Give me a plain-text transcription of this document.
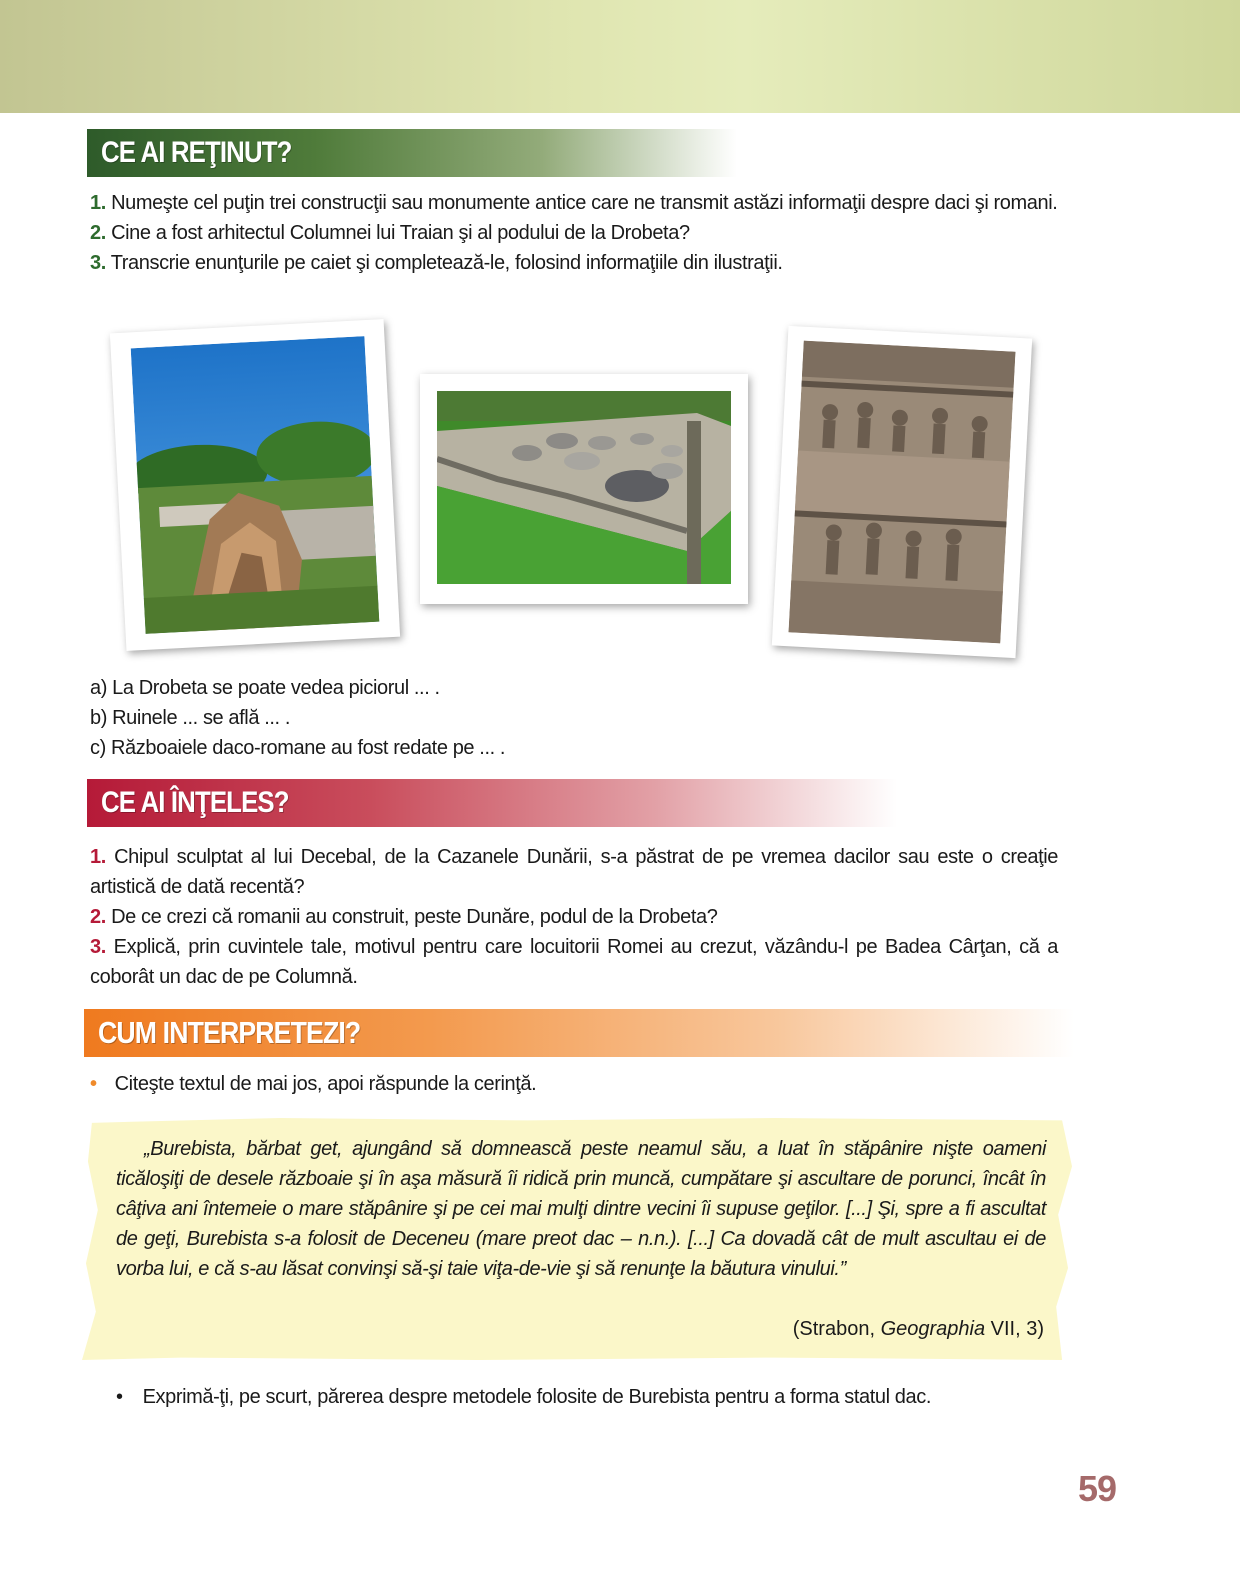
CE AI REŢINUT?

1. Numeşte cel puţin trei construcţii sau monumente antice care ne transmit astăzi informaţii despre daci şi romani.

2. Cine a fost arhitectul Columnei lui Traian şi al podului de la Drobeta?

3. Transcrie enunţurile pe caiet şi completează-le, folosind informaţiile din ilustraţii.

a) La Drobeta se poate vedea piciorul ... .

b) Ruinele ... se află ... .

c) Războaiele daco-romane au fost redate pe ... .

CE AI ÎNŢELES?

1. Chipul sculptat al lui Decebal, de la Cazanele Dunării, s-a păstrat de pe vremea dacilor sau este o creaţie artistică de dată recentă?

2. De ce crezi că romanii au construit, peste Dunăre, podul de la Drobeta?

3. Explică, prin cuvintele tale, motivul pentru care locuitorii Romei au crezut, văzându-l pe Badea Cârţan, că a coborât un dac de pe Columnă.

CUM INTERPRETEZI?

• Citeşte textul de mai jos, apoi răspunde la cerinţă.

„Burebista, bărbat get, ajungând să domnească peste neamul său, a luat în stăpânire nişte oameni ticăloşiţi de desele războaie şi în aşa măsură îi ridică prin muncă, cumpătare şi ascultare de porunci, încât în câţiva ani întemeie o mare stăpânire şi pe cei mai mulţi dintre vecini îi supuse geţilor. [...] Şi, spre a fi ascultat de geţi, Burebista s-a folosit de Deceneu (mare preot dac – n.n.). [...] Ca dovadă cât de mult ascultau ei de vorba lui, e că s-au lăsat convinşi să-şi taie viţa-de-vie şi să renunţe la băutura vinului.”

(Strabon, Geographia VII, 3)

• Exprimă-ţi, pe scurt, părerea despre metodele folosite de Burebista pentru a forma statul dac.

59
